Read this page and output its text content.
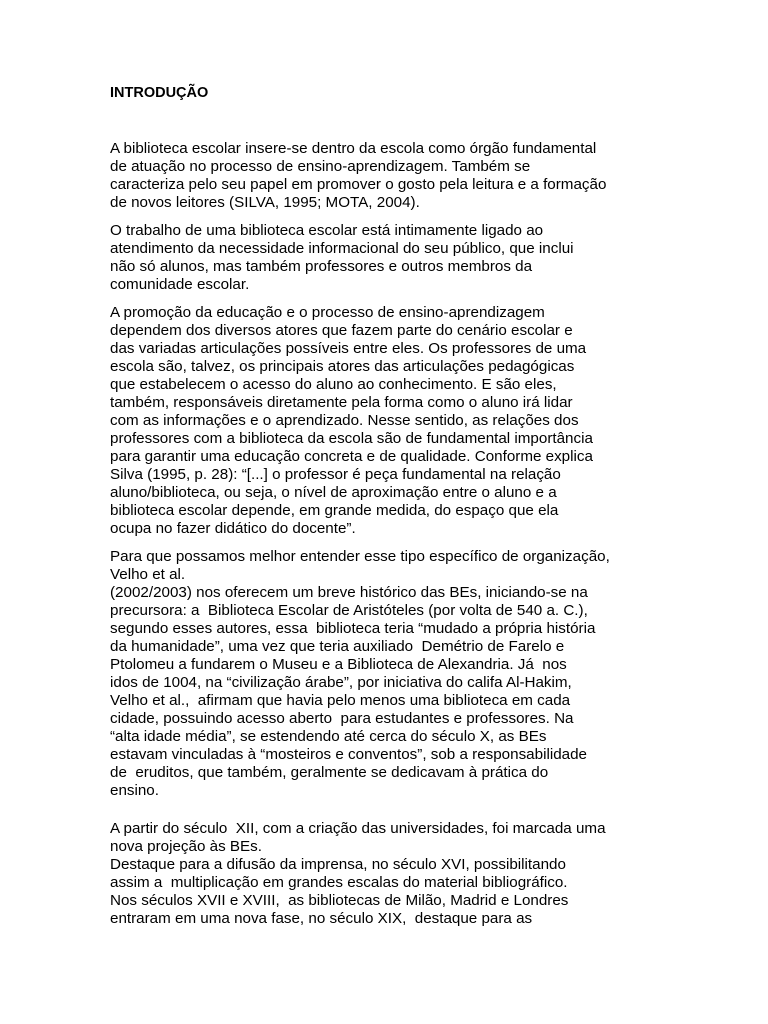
INTRODUÇÃO

A biblioteca escolar insere-se dentro da escola como órgão fundamental
de atuação no processo de ensino-aprendizagem. Também se
caracteriza pelo seu papel em promover o gosto pela leitura e a formação
de novos leitores (SILVA, 1995; MOTA, 2004).

O trabalho de uma biblioteca escolar está intimamente ligado ao
atendimento da necessidade informacional do seu público, que inclui
não só alunos, mas também professores e outros membros da
comunidade escolar.

A promoção da educação e o processo de ensino-aprendizagem
dependem dos diversos atores que fazem parte do cenário escolar e
das variadas articulações possíveis entre eles. Os professores de uma
escola são, talvez, os principais atores das articulações pedagógicas
que estabelecem o acesso do aluno ao conhecimento. E são eles,
também, responsáveis diretamente pela forma como o aluno irá lidar
com as informações e o aprendizado. Nesse sentido, as relações dos
professores com a biblioteca da escola são de fundamental importância
para garantir uma educação concreta e de qualidade. Conforme explica
Silva (1995, p. 28): “[...] o professor é peça fundamental na relação
aluno/biblioteca, ou seja, o nível de aproximação entre o aluno e a
biblioteca escolar depende, em grande medida, do espaço que ela
ocupa no fazer didático do docente”.

Para que possamos melhor entender esse tipo específico de organização,
Velho et al.
(2002/2003) nos oferecem um breve histórico das BEs, iniciando-se na
precursora: a  Biblioteca Escolar de Aristóteles (por volta de 540 a. C.),
segundo esses autores, essa  biblioteca teria “mudado a própria história
da humanidade”, uma vez que teria auxiliado  Demétrio de Farelo e
Ptolomeu a fundarem o Museu e a Biblioteca de Alexandria. Já  nos
idos de 1004, na “civilização árabe”, por iniciativa do califa Al-Hakim,
Velho et al.,  afirmam que havia pelo menos uma biblioteca em cada
cidade, possuindo acesso aberto  para estudantes e professores. Na
“alta idade média”, se estendendo até cerca do século X, as BEs
estavam vinculadas à “mosteiros e conventos”, sob a responsabilidade
de  eruditos, que também, geralmente se dedicavam à prática do
ensino.

A partir do século  XII, com a criação das universidades, foi marcada uma
nova projeção às BEs.
Destaque para a difusão da imprensa, no século XVI, possibilitando
assim a  multiplicação em grandes escalas do material bibliográfico.
Nos séculos XVII e XVIII,  as bibliotecas de Milão, Madrid e Londres
entraram em uma nova fase, no século XIX,  destaque para as
